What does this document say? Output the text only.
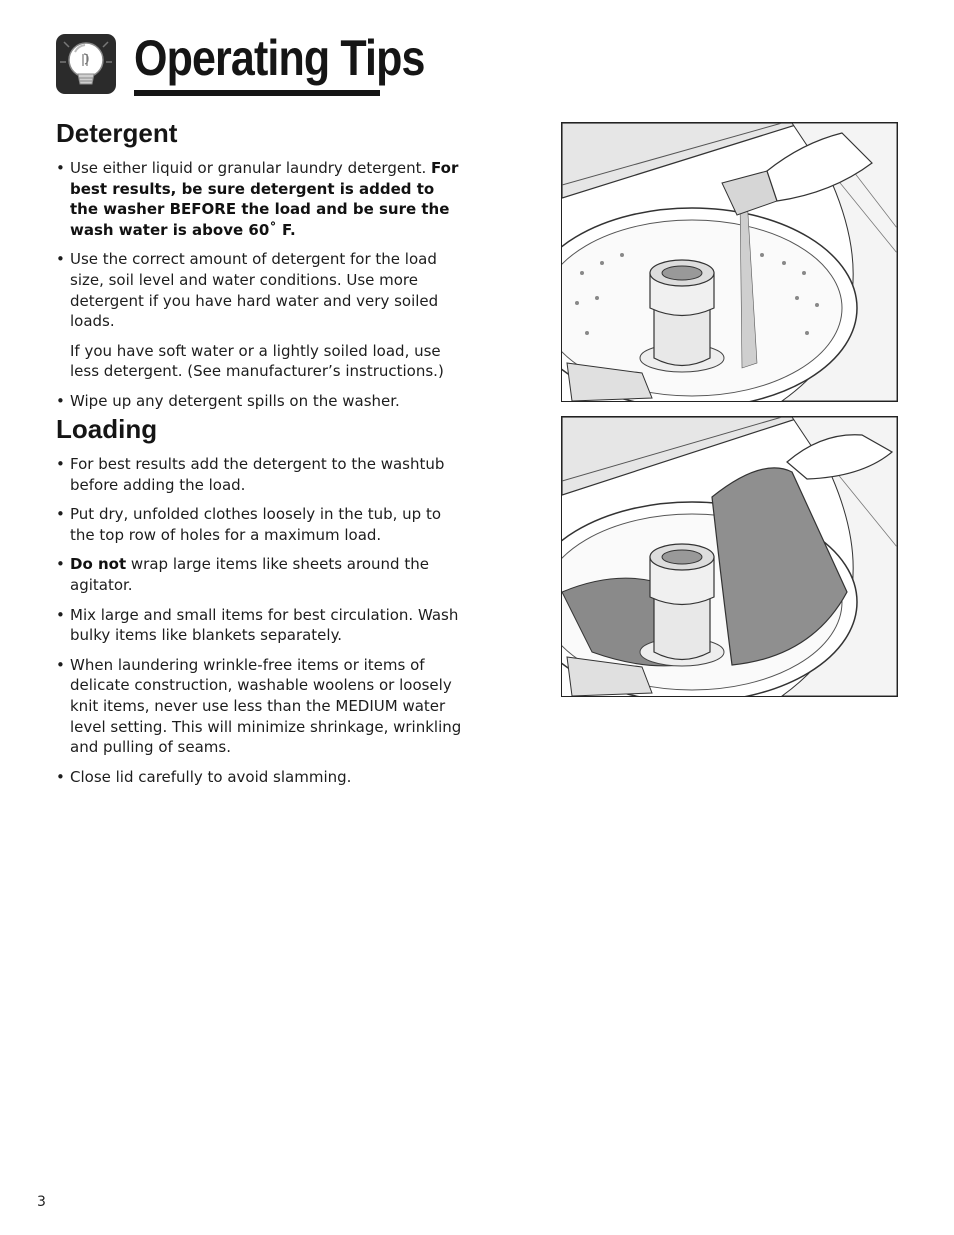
Operating Tips
Detergent
• Use either liquid or granular laundry detergent. For best results, be sure detergent is added to the washer BEFORE the load and be sure the wash water is above 60˚ F.
• Use the correct amount of detergent for the load size, soil level and water conditions. Use more detergent if you have hard water and very soiled loads.

If you have soft water or a lightly soiled load, use less detergent. (See manufacturer’s instructions.)

• Wipe up any detergent spills on the washer.
Loading
• For best results add the detergent to the washtub before adding the load.
• Put dry, unfolded clothes loosely in the tub, up to the top row of holes for a maximum load.
• Do not wrap large items like sheets around the agitator.
• Mix large and small items for best circulation. Wash bulky items like blankets separately.
• When laundering wrinkle-free items or items of delicate construction, washable woolens or loosely knit items, never use less than the MEDIUM water level setting. This will minimize shrinkage, wrinkling and pulling of seams.
• Close lid carefully to avoid slamming.
3
